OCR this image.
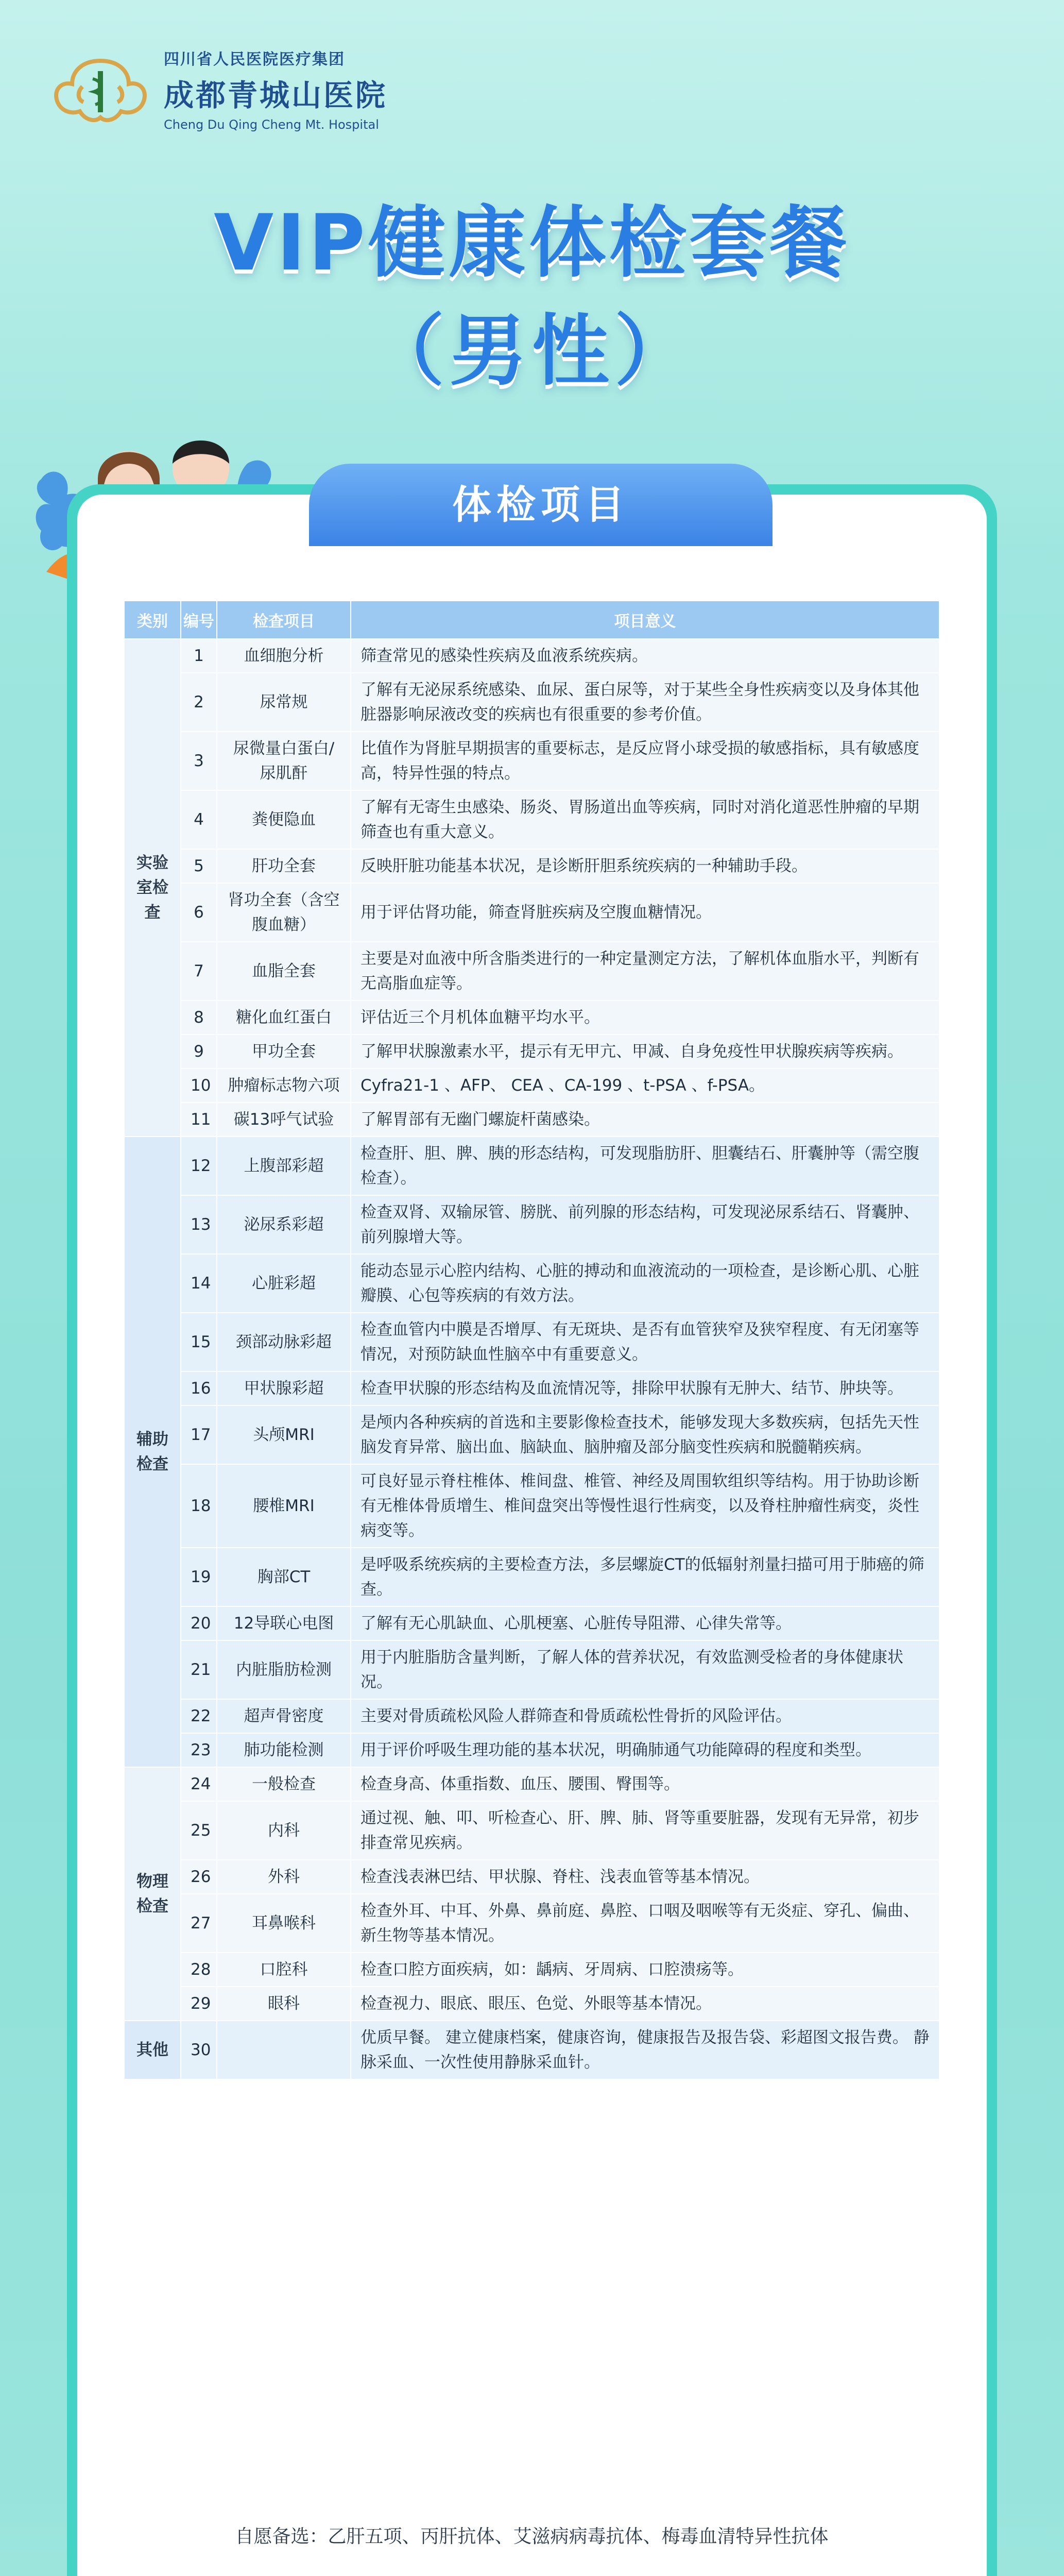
四川省人民医院医疗集团
成都青城山医院
Cheng Du Qing Cheng Mt. Hospital
VIP健康体检套餐
（男性）
体检项目
类别	编号	检查项目	项目意义
实验室检查	1	血细胞分析	筛查常见的感染性疾病及血液系统疾病。
	2	尿常规	了解有无泌尿系统感染、血尿、蛋白尿等，对于某些全身性疾病变以及身体其他脏器影响尿液改变的疾病也有很重要的参考价值。
	3	尿微量白蛋白/尿肌酐	比值作为肾脏早期损害的重要标志，是反应肾小球受损的敏感指标，具有敏感度高，特异性强的特点。
	4	粪便隐血	了解有无寄生虫感染、肠炎、胃肠道出血等疾病，同时对消化道恶性肿瘤的早期筛查也有重大意义。
	5	肝功全套	反映肝脏功能基本状况，是诊断肝胆系统疾病的一种辅助手段。
	6	肾功全套（含空腹血糖）	用于评估肾功能，筛查肾脏疾病及空腹血糖情况。
	7	血脂全套	主要是对血液中所含脂类进行的一种定量测定方法，了解机体血脂水平，判断有无高脂血症等。
	8	糖化血红蛋白	评估近三个月机体血糖平均水平。
	9	甲功全套	了解甲状腺激素水平，提示有无甲亢、甲减、自身免疫性甲状腺疾病等疾病。
	10	肿瘤标志物六项	Cyfra21-1 、AFP、 CEA 、CA-199 、t-PSA 、f-PSA。
	11	碳13呼气试验	了解胃部有无幽门螺旋杆菌感染。
辅助检查	12	上腹部彩超	检查肝、胆、脾、胰的形态结构，可发现脂肪肝、胆囊结石、肝囊肿等（需空腹检查）。
	13	泌尿系彩超	检查双肾、双输尿管、膀胱、前列腺的形态结构，可发现泌尿系结石、肾囊肿、前列腺增大等。
	14	心脏彩超	能动态显示心腔内结构、心脏的搏动和血液流动的一项检查，是诊断心肌、心脏瓣膜、心包等疾病的有效方法。
	15	颈部动脉彩超	检查血管内中膜是否增厚、有无斑块、是否有血管狭窄及狭窄程度、有无闭塞等情况，对预防缺血性脑卒中有重要意义。
	16	甲状腺彩超	检查甲状腺的形态结构及血流情况等，排除甲状腺有无肿大、结节、肿块等。
	17	头颅MRI	是颅内各种疾病的首选和主要影像检查技术，能够发现大多数疾病，包括先天性脑发育异常、脑出血、脑缺血、脑肿瘤及部分脑变性疾病和脱髓鞘疾病。
	18	腰椎MRI	可良好显示脊柱椎体、椎间盘、椎管、神经及周围软组织等结构。用于协助诊断有无椎体骨质增生、椎间盘突出等慢性退行性病变，以及脊柱肿瘤性病变，炎性病变等。
	19	胸部CT	是呼吸系统疾病的主要检查方法，多层螺旋CT的低辐射剂量扫描可用于肺癌的筛查。
	20	12导联心电图	了解有无心肌缺血、心肌梗塞、心脏传导阻滞、心律失常等。
	21	内脏脂肪检测	用于内脏脂肪含量判断，了解人体的营养状况，有效监测受检者的身体健康状况。
	22	超声骨密度	主要对骨质疏松风险人群筛查和骨质疏松性骨折的风险评估。
	23	肺功能检测	用于评价呼吸生理功能的基本状况，明确肺通气功能障碍的程度和类型。
物理检查	24	一般检查	检查身高、体重指数、血压、腰围、臀围等。
	25	内科	通过视、触、叩、听检查心、肝、脾、肺、肾等重要脏器，发现有无异常，初步排查常见疾病。
	26	外科	检查浅表淋巴结、甲状腺、脊柱、浅表血管等基本情况。
	27	耳鼻喉科	检查外耳、中耳、外鼻、鼻前庭、鼻腔、口咽及咽喉等有无炎症、穿孔、偏曲、新生物等基本情况。
	28	口腔科	检查口腔方面疾病，如：龋病、牙周病、口腔溃疡等。
	29	眼科	检查视力、眼底、眼压、色觉、外眼等基本情况。
其他	30		优质早餐。 建立健康档案，健康咨询，健康报告及报告袋、彩超图文报告费。 静脉采血、一次性使用静脉采血针。
自愿备选：乙肝五项、丙肝抗体、艾滋病病毒抗体、梅毒血清特异性抗体
